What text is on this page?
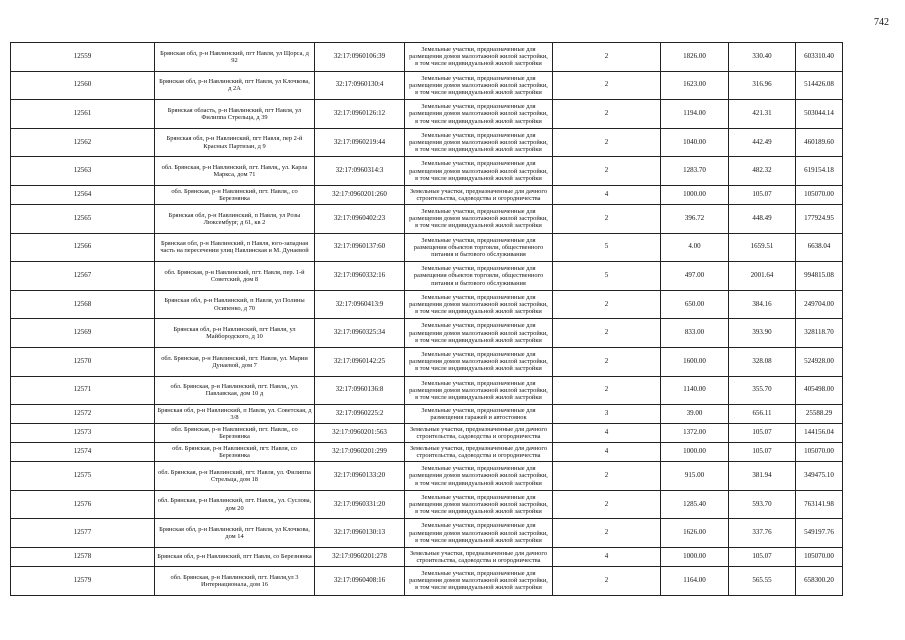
742
12559	Брянская обл, р-н Навлинский, пгт Навля, ул Щорса, д 92	32:17:0960106:39	Земельные участки, предназначенные для размещения домов малоэтажной жилой застройки, в том числе индивидуальной жилой застройки	2	1826.00	330.40	603310.40
12560	Брянская обл, р-н Навлинский, пгт Навля, ул Клочкова, д 2А	32:17:0960130:4	Земельные участки, предназначенные для размещения домов малоэтажной жилой застройки, в том числе индивидуальной жилой застройки	2	1623.00	316.96	514426.08
12561	Брянская область, р-н Навлинский, пгт Навля, ул Филиппа Стрельца, д 39	32:17:0960126:12	Земельные участки, предназначенные для размещения домов малоэтажной жилой застройки, в том числе индивидуальной жилой застройки	2	1194.00	421.31	503044.14
12562	Брянская обл, р-н Навлинский, пгт Навля, пер 2-й Красных Партизан, д 9	32:17:0960219:44	Земельные участки, предназначенные для размещения домов малоэтажной жилой застройки, в том числе индивидуальной жилой застройки	2	1040.00	442.49	460189.60
12563	обл. Брянская, р-н Навлинский, пгт. Навля,, ул. Карла Маркса, дом 71	32:17:0960314:3	Земельные участки, предназначенные для размещения домов малоэтажной жилой застройки, в том числе индивидуальной жилой застройки	2	1283.70	482.32	619154.18
12564	обл. Брянская, р-н Навлинский, пгт. Навля,, со Березнянка	32:17:0960201:260	Земельные участки, предназначенные для дачного строительства, садоводства и огородничества	4	1000.00	105.07	105070.00
12565	Брянская обл, р-н Навлинский, п Навля, ул Розы Люксембург, д 61, кв 2	32:17:0960402:23	Земельные участки, предназначенные для размещения домов малоэтажной жилой застройки, в том числе индивидуальной жилой застройки	2	396.72	448.49	177924.95
12566	Брянская обл, р-н Навлинский, п Навля, юго-западная часть на пересечении улиц Навлинская и М. Дунаевой	32:17:0960137:60	Земельные участки, предназначенные для размещения объектов торговли, общественного питания и бытового обслуживания	5	4.00	1659.51	6638.04
12567	обл. Брянская, р-н Навлинский, пгт. Навля, пер. 1-й Советский, дом 8	32:17:0960332:16	Земельные участки, предназначенные для размещения объектов торговли, общественного питания и бытового обслуживания	5	497.00	2001.64	994815.08
12568	Брянская обл, р-н Навлинский, п Навля, ул Полины Осипенко, д 70	32:17:0960413:9	Земельные участки, предназначенные для размещения домов малоэтажной жилой застройки, в том числе индивидуальной жилой застройки	2	650.00	384.16	249704.00
12569	Брянская обл, р-н Навлинский, пгт Навля, ул Майбородского, д 10	32:17:0960325:34	Земельные участки, предназначенные для размещения домов малоэтажной жилой застройки, в том числе индивидуальной жилой застройки	2	833.00	393.90	328118.70
12570	обл. Брянская, р-н Навлинский, пгт. Навля, ул. Марии Дунаевой, дом 7	32:17:0960142:25	Земельные участки, предназначенные для размещения домов малоэтажной жилой застройки, в том числе индивидуальной жилой застройки	2	1600.00	328.08	524928.00
12571	обл. Брянская, р-н Навлинский, пгт. Навля,, ул. Павлавская, дом 10 д	32:17:0960136:8	Земельные участки, предназначенные для размещения домов малоэтажной жилой застройки, в том числе индивидуальной жилой застройки	2	1140.00	355.70	405498.00
12572	Брянская обл, р-н Навлинский, п Навля, ул. Советская, д 3/8	32:17:0960225:2	Земельные участки, предназначенные для размещения гаражей и автостоянок	3	39.00	656.11	25588.29
12573	обл. Брянская, р-н Навлинский, пгт. Навля,, со Березнянка	32:17:0960201:563	Земельные участки, предназначенные для дачного строительства, садоводства и огородничества	4	1372.00	105.07	144156.04
12574	обл. Брянская, р-н Навлинский, пгт. Навля, со Березнянка	32:17:0960201:299	Земельные участки, предназначенные для дачного строительства, садоводства и огородничества	4	1000.00	105.07	105070.00
12575	обл. Брянская, р-н Навлинский, пгт. Навля, ул. Филиппа Стрельца, дом 18	32:17:0960133:20	Земельные участки, предназначенные для размещения домов малоэтажной жилой застройки, в том числе индивидуальной жилой застройки	2	915.00	381.94	349475.10
12576	обл. Брянская, р-н Навлинский, пгт. Навля,, ул. Суслова, дом 20	32:17:0960331:20	Земельные участки, предназначенные для размещения домов малоэтажной жилой застройки, в том числе индивидуальной жилой застройки	2	1285.40	593.70	763141.98
12577	Брянская обл, р-н Навлинский, пгт Навля, ул Клочкова, дом 14	32:17:0960130:13	Земельные участки, предназначенные для размещения домов малоэтажной жилой застройки, в том числе индивидуальной жилой застройки	2	1626.00	337.76	549197.76
12578	Брянская обл, р-н Навлинский, пгт Навля, со Березнянка	32:17:0960201:278	Земельные участки, предназначенные для дачного строительства, садоводства и огородничества	4	1000.00	105.07	105070.00
12579	обл. Брянская, р-н Навлинский, пгт. Навля,ул 3 Интернационала, дом 16	32:17:0960408:16	Земельные участки, предназначенные для размещения домов малоэтажной жилой застройки, в том числе индивидуальной жилой застройки	2	1164.00	565.55	658300.20
